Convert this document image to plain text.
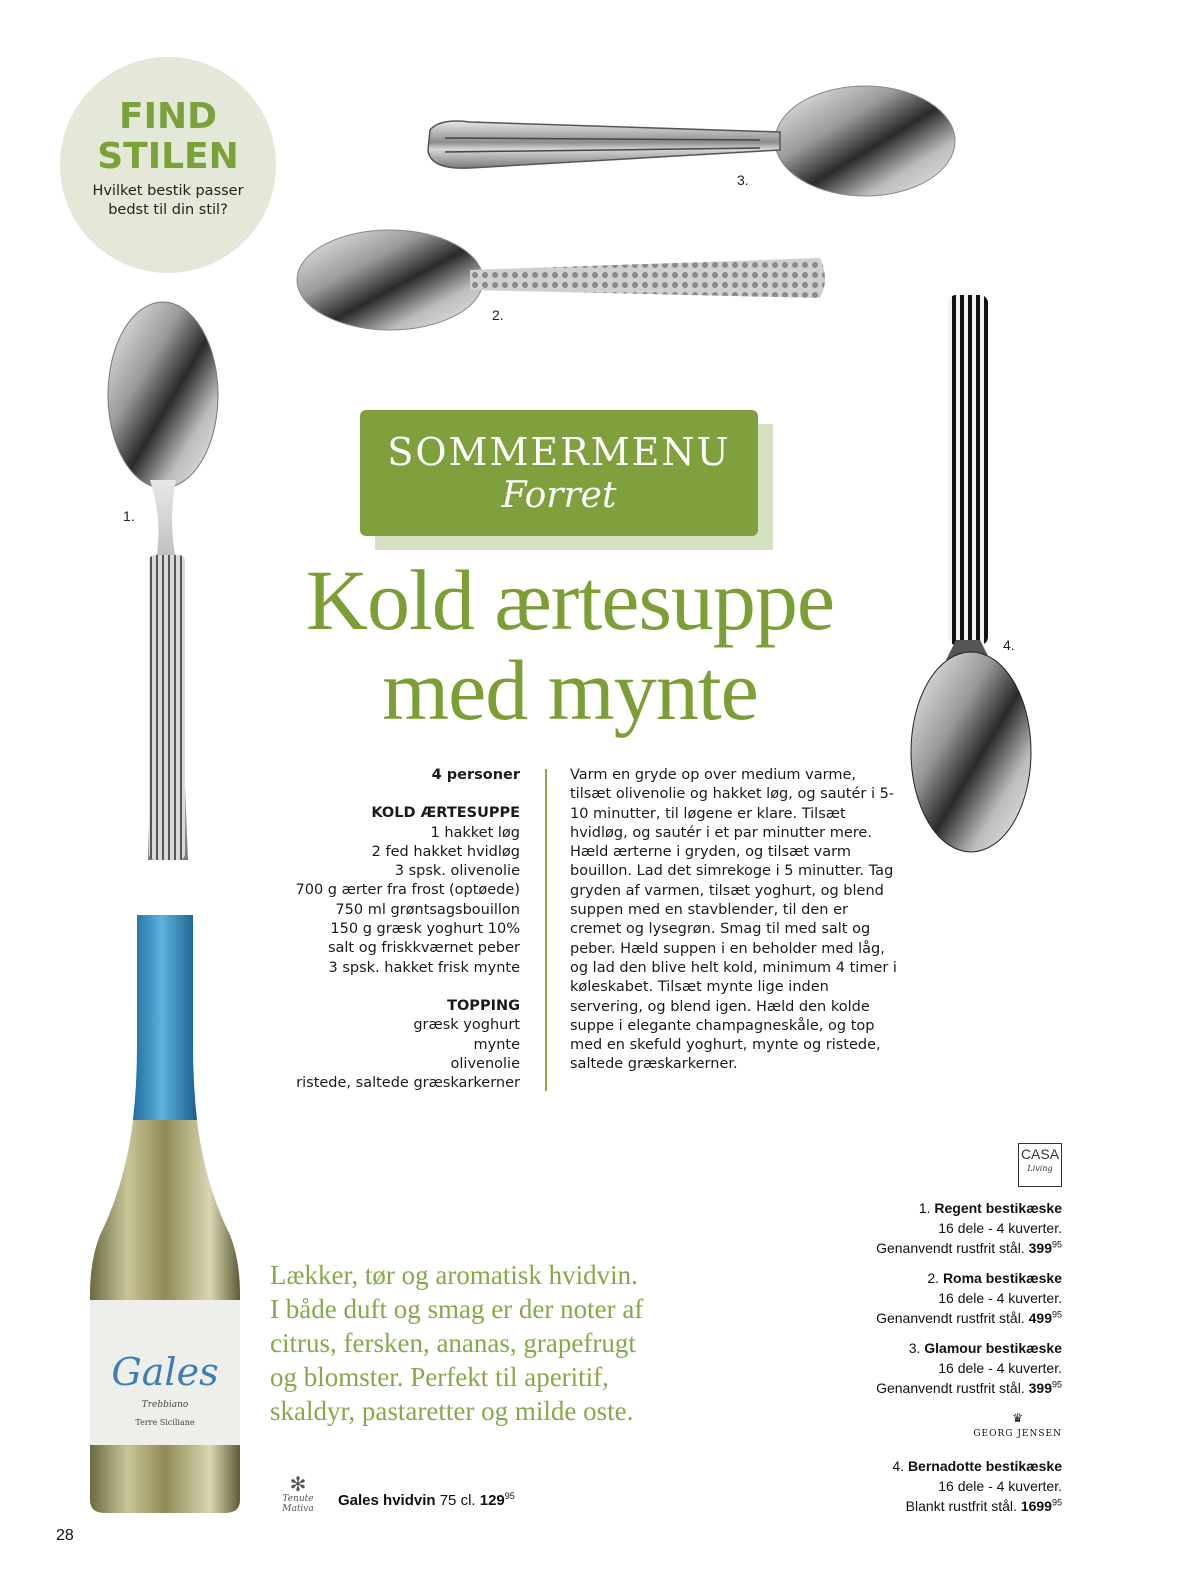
FIND
STILEN
Hvilket bestik passer bedst til din stil?
1.
2.
3.
4.
SOMMERMENU
Forret
Kold ærtesuppe
med mynte
4 personer
KOLD ÆRTESUPPE
1 hakket løg
2 fed hakket hvidløg
3 spsk. olivenolie
700 g ærter fra frost (optøede)
750 ml grøntsagsbouillon
150 g græsk yoghurt 10%
salt og friskkværnet peber
3 spsk. hakket frisk mynte
TOPPING
græsk yoghurt
mynte
olivenolie
ristede, saltede græskarkerner
Varm en gryde op over medium varme, tilsæt olivenolie og hakket løg, og sautér i 5-10 minutter, til løgene er klare. Tilsæt hvidløg, og sautér i et par minutter mere. Hæld ærterne i gryden, og tilsæt varm bouillon. Lad det simrekoge i 5 minutter. Tag gryden af varmen, tilsæt yoghurt, og blend suppen med en stavblender, til den er cremet og lysegrøn. Smag til med salt og peber. Hæld suppen i en beholder med låg, og lad den blive helt kold, minimum 4 timer i køleskabet. Tilsæt mynte lige inden servering, og blend igen. Hæld den kolde suppe i elegante champagneskåle, og top med en skefuld yoghurt, mynte og ristede, saltede græskarkerner.
Gales
Trebbiano
Terre Siciliane
Lækker, tør og aromatisk hvidvin. I både duft og smag er der noter af citrus, fersken, ananas, grapefrugt og blomster. Perfekt til aperitif, skaldyr, pastaretter og milde oste.
✻
Tenute Mativa	Gales hvidvin 75 cl. $129^{95}$
CASA
Living
1. Regent bestikæske
16 dele - 4 kuverter.
Genanvendt rustfrit stål. $399^{95}$
2. Roma bestikæske
16 dele - 4 kuverter.
Genanvendt rustfrit stål. $499^{95}$
3. Glamour bestikæske
16 dele - 4 kuverter.
Genanvendt rustfrit stål. $399^{95}$
♛
GEORG JENSEN
4. Bernadotte bestikæske
16 dele - 4 kuverter.
Blankt rustfrit stål. 1699$^{95}$
28
